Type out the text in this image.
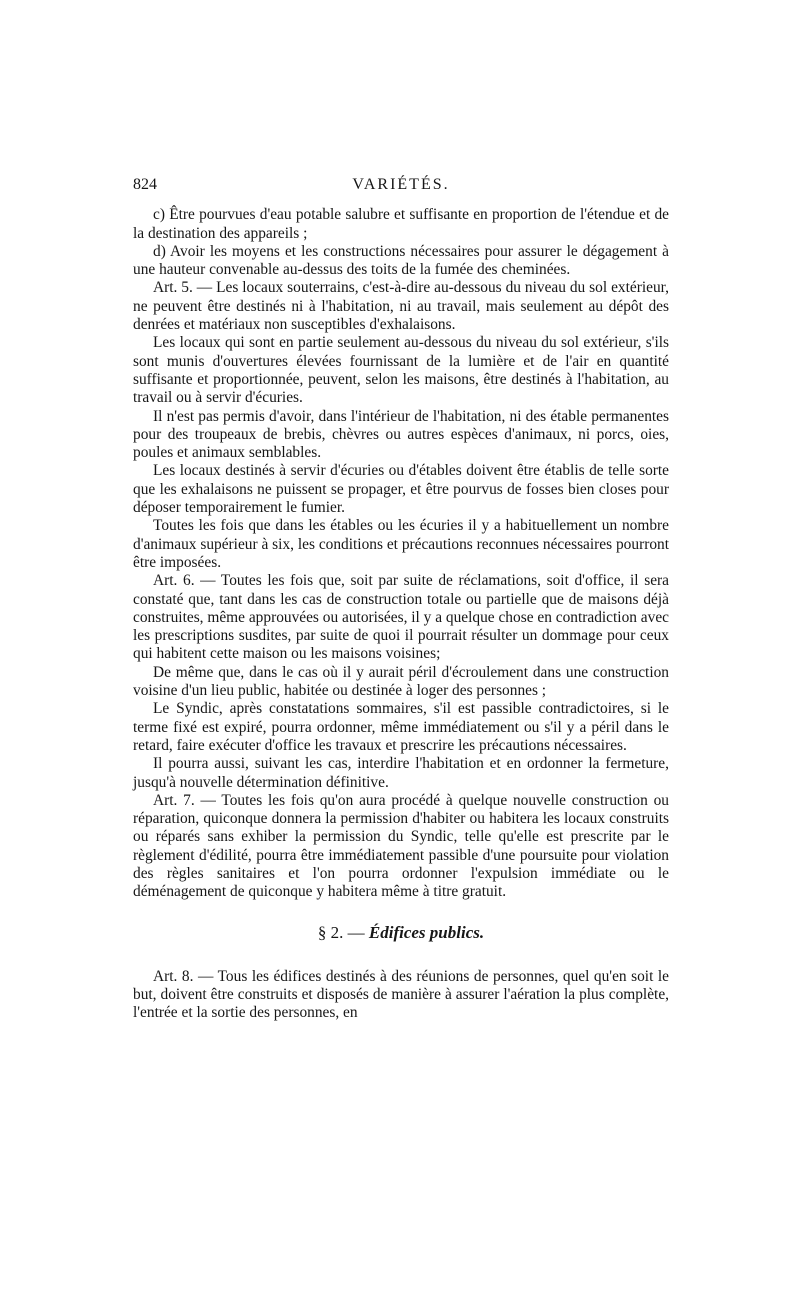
824	VARIÉTÉS.

c) Être pourvues d'eau potable salubre et suffisante en proportion de l'étendue et de la destination des appareils ;

d) Avoir les moyens et les constructions nécessaires pour assurer le dégagement à une hauteur convenable au-dessus des toits de la fumée des cheminées.

Art. 5. — Les locaux souterrains, c'est-à-dire au-dessous du niveau du sol extérieur, ne peuvent être destinés ni à l'habitation, ni au travail, mais seulement au dépôt des denrées et matériaux non susceptibles d'exhalaisons.

Les locaux qui sont en partie seulement au-dessous du niveau du sol extérieur, s'ils sont munis d'ouvertures élevées fournissant de la lumière et de l'air en quantité suffisante et proportionnée, peuvent, selon les maisons, être destinés à l'habitation, au travail ou à servir d'écuries.

Il n'est pas permis d'avoir, dans l'intérieur de l'habitation, ni des étable permanentes pour des troupeaux de brebis, chèvres ou autres espèces d'animaux, ni porcs, oies, poules et animaux semblables.

Les locaux destinés à servir d'écuries ou d'étables doivent être établis de telle sorte que les exhalaisons ne puissent se propager, et être pourvus de fosses bien closes pour déposer temporairement le fumier.

Toutes les fois que dans les étables ou les écuries il y a habituellement un nombre d'animaux supérieur à six, les conditions et précautions reconnues nécessaires pourront être imposées.

Art. 6. — Toutes les fois que, soit par suite de réclamations, soit d'office, il sera constaté que, tant dans les cas de construction totale ou partielle que de maisons déjà construites, même approuvées ou autorisées, il y a quelque chose en contradiction avec les prescriptions susdites, par suite de quoi il pourrait résulter un dommage pour ceux qui habitent cette maison ou les maisons voisines;

De même que, dans le cas où il y aurait péril d'écroulement dans une construction voisine d'un lieu public, habitée ou destinée à loger des personnes ;

Le Syndic, après constatations sommaires, s'il est passible contradictoires, si le terme fixé est expiré, pourra ordonner, même immédiatement ou s'il y a péril dans le retard, faire exécuter d'office les travaux et prescrire les précautions nécessaires.

Il pourra aussi, suivant les cas, interdire l'habitation et en ordonner la fermeture, jusqu'à nouvelle détermination définitive.

Art. 7. — Toutes les fois qu'on aura procédé à quelque nouvelle construction ou réparation, quiconque donnera la permission d'habiter ou habitera les locaux construits ou réparés sans exhiber la permission du Syndic, telle qu'elle est prescrite par le règlement d'édilité, pourra être immédiatement passible d'une poursuite pour violation des règles sanitaires et l'on pourra ordonner l'expulsion immédiate ou le déménagement de quiconque y habitera même à titre gratuit.

§ 2. — Édifices publics.

Art. 8. — Tous les édifices destinés à des réunions de personnes, quel qu'en soit le but, doivent être construits et disposés de manière à assurer l'aération la plus complète, l'entrée et la sortie des personnes, en
